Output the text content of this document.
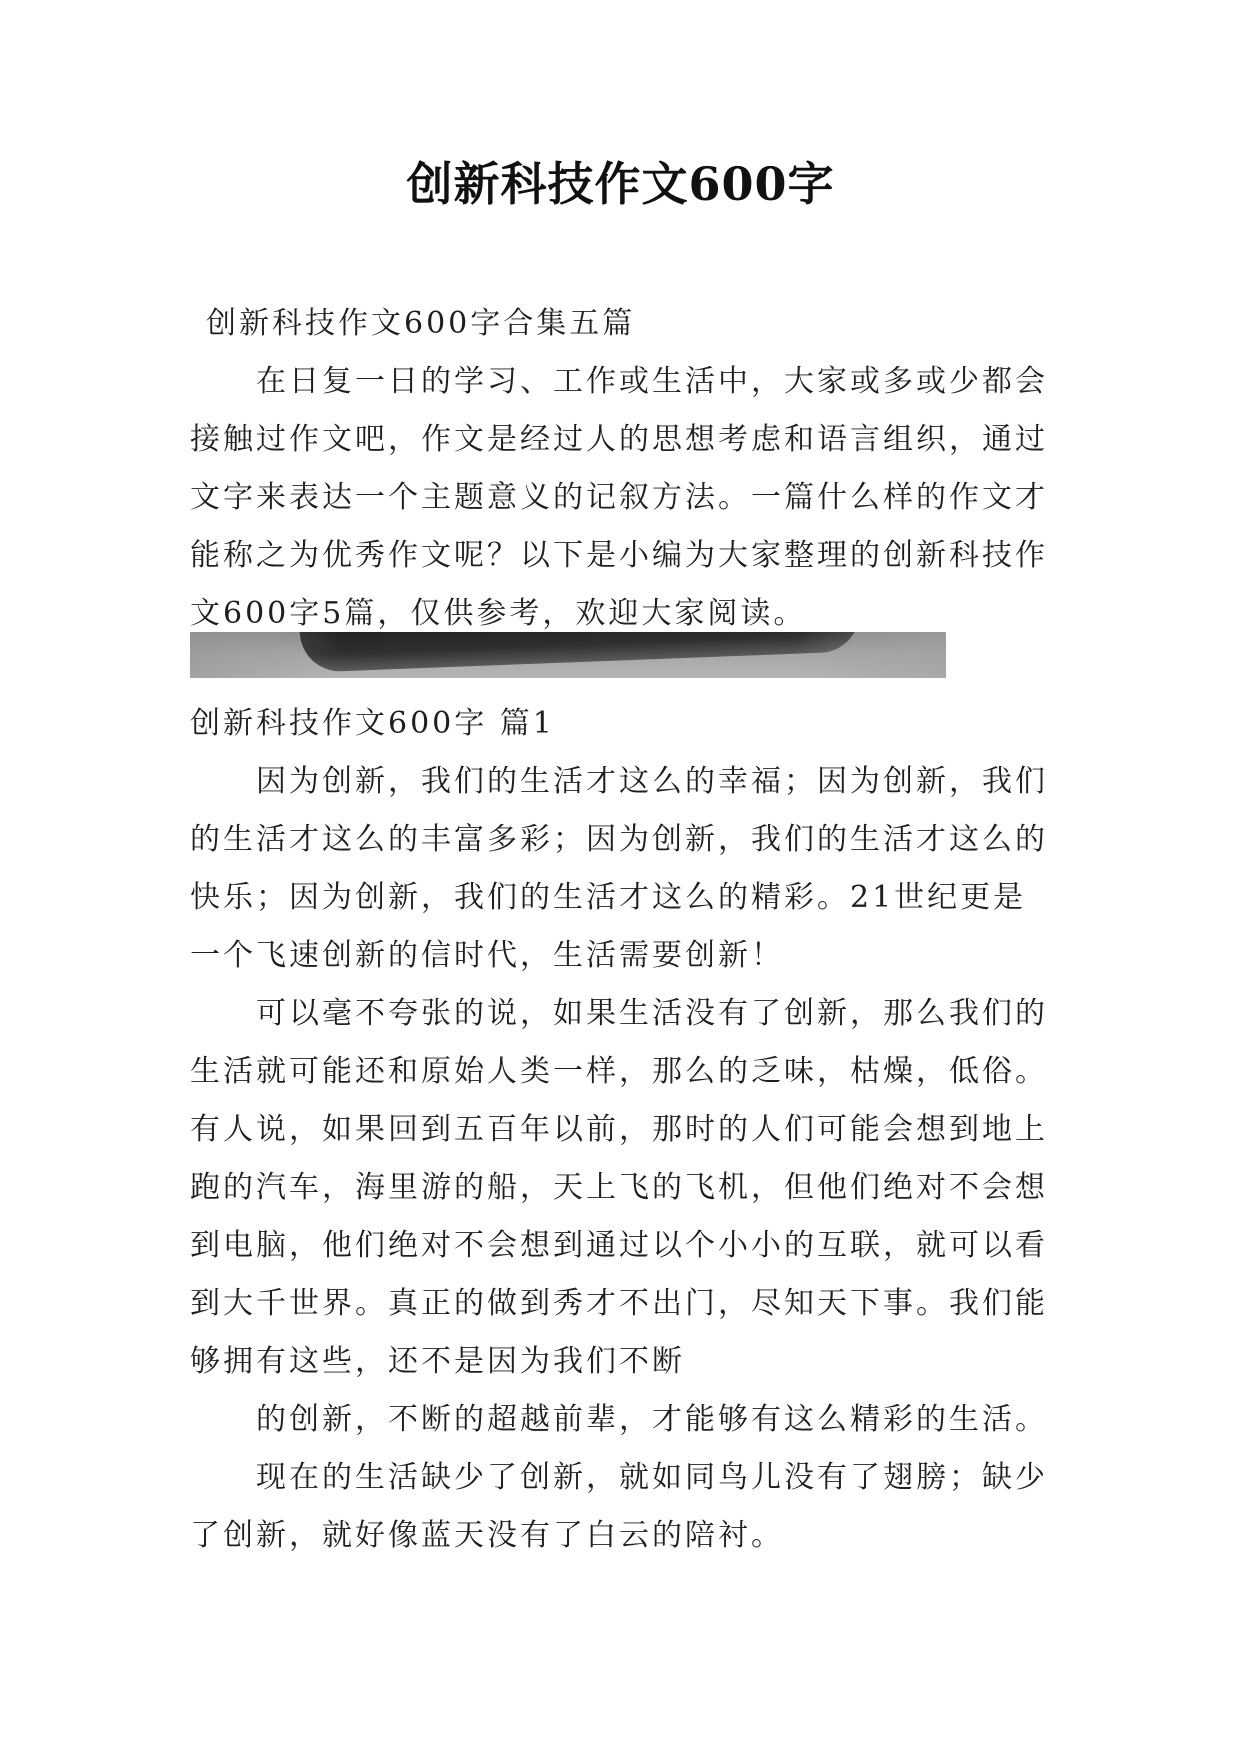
创新科技作文600字

创新科技作文600字合集五篇

在日复一日的学习、工作或生活中，大家或多或少都会接触过作文吧，作文是经过人的思想考虑和语言组织，通过文字来表达一个主题意义的记叙方法。一篇什么样的作文才能称之为优秀作文呢？以下是小编为大家整理的创新科技作文600字5篇，仅供参考，欢迎大家阅读。

创新科技作文600字 篇1

因为创新，我们的生活才这么的幸福；因为创新，我们的生活才这么的丰富多彩；因为创新，我们的生活才这么的快乐；因为创新，我们的生活才这么的精彩。21世纪更是一个飞速创新的信时代，生活需要创新！

可以毫不夸张的说，如果生活没有了创新，那么我们的生活就可能还和原始人类一样，那么的乏味，枯燥，低俗。有人说，如果回到五百年以前，那时的人们可能会想到地上跑的汽车，海里游的船，天上飞的飞机，但他们绝对不会想到电脑，他们绝对不会想到通过以个小小的互联，就可以看到大千世界。真正的做到秀才不出门，尽知天下事。我们能够拥有这些，还不是因为我们不断

的创新，不断的超越前辈，才能够有这么精彩的生活。

现在的生活缺少了创新，就如同鸟儿没有了翅膀；缺少了创新，就好像蓝天没有了白云的陪衬。
